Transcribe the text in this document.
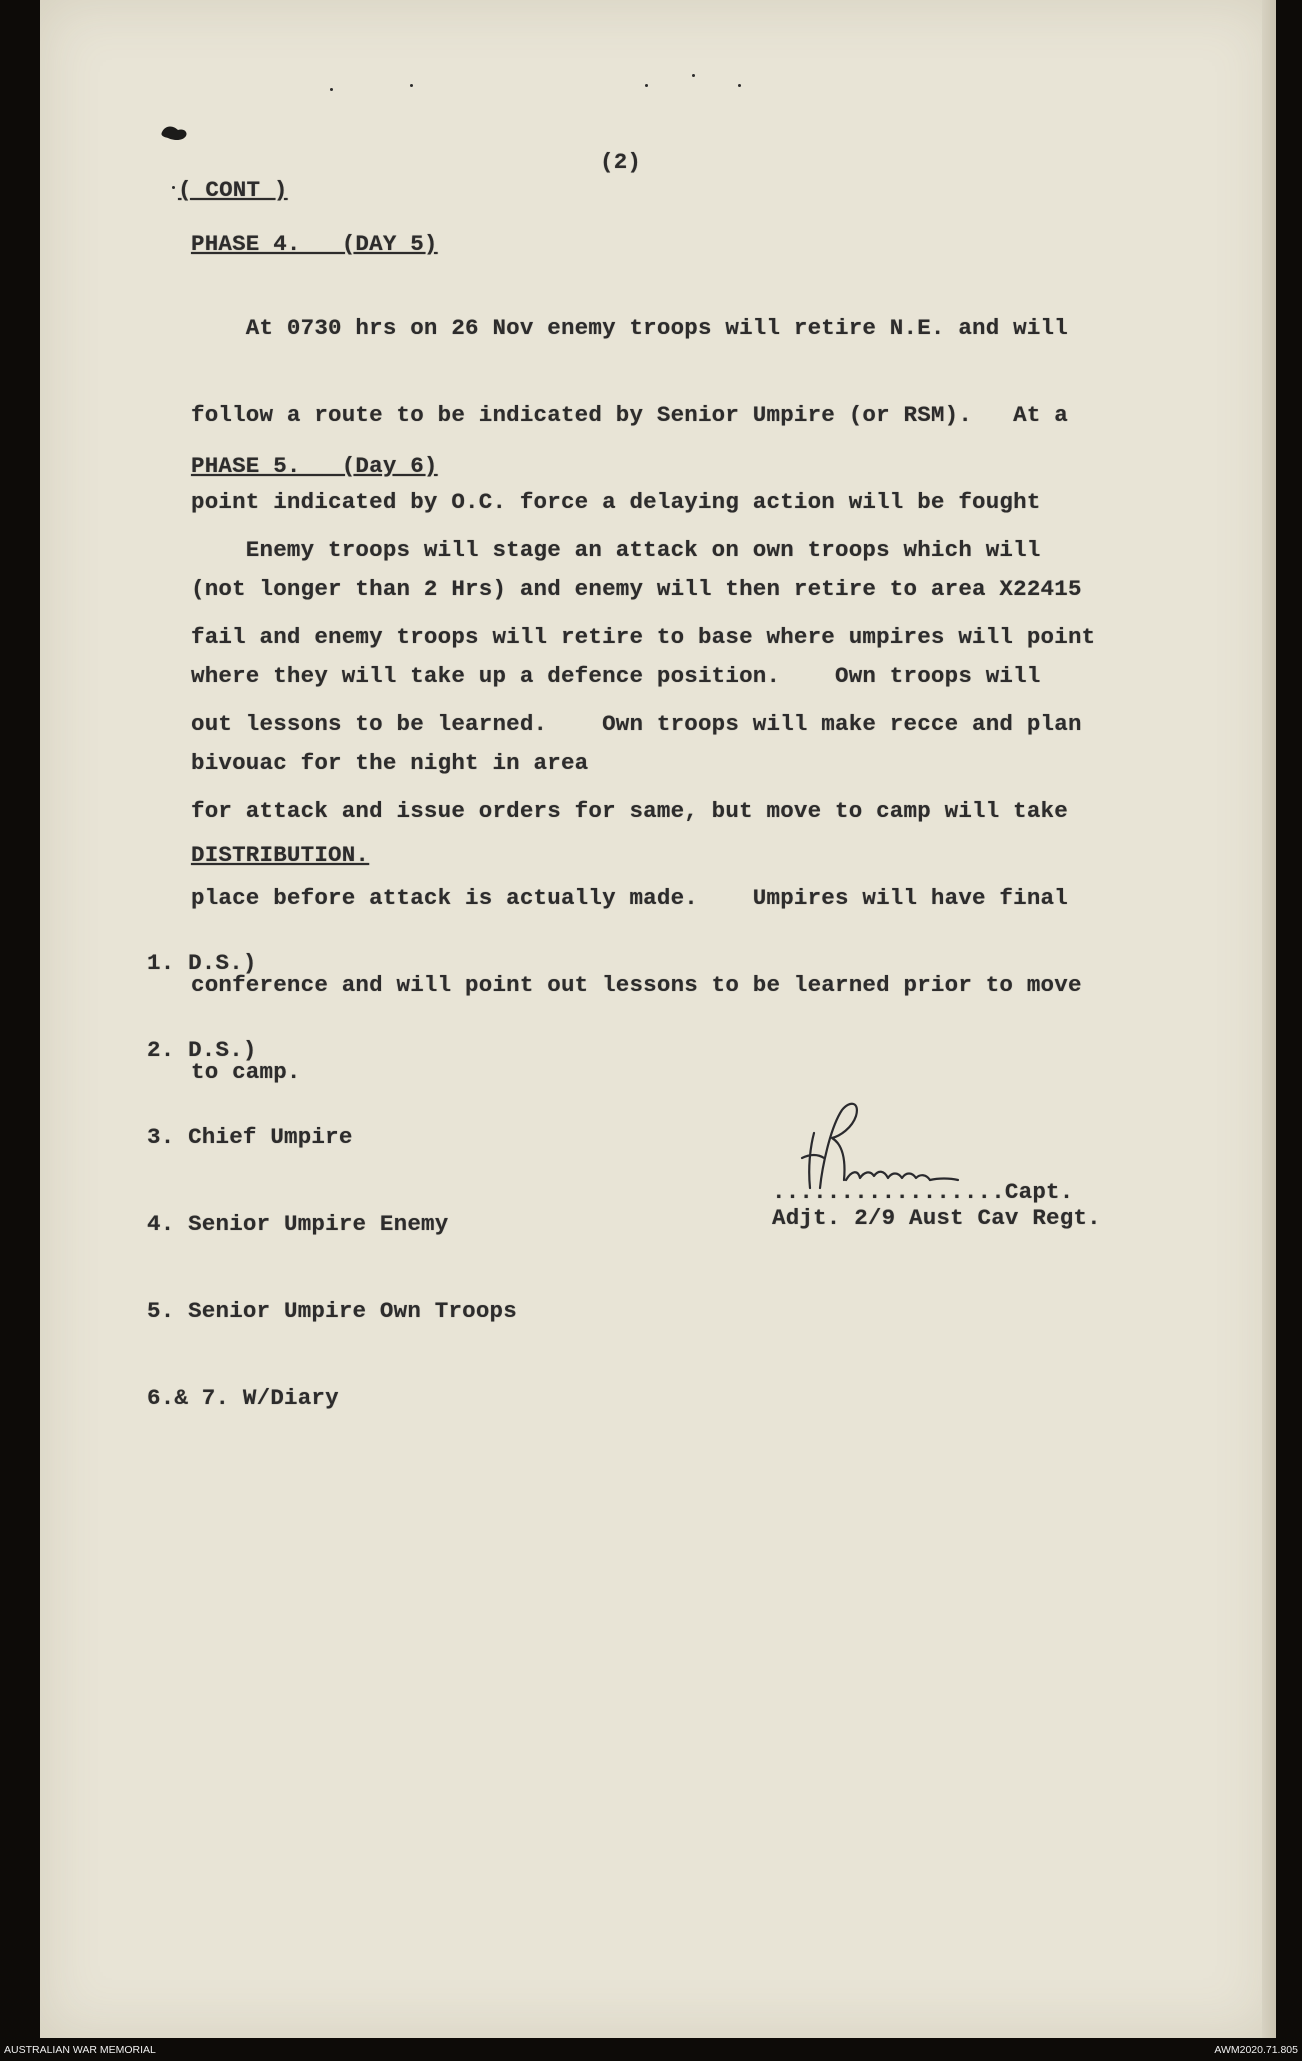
(2)
( CONT )
PHASE 4.   (DAY 5)

At 0730 hrs on 26 Nov enemy troops will retire N.E. and will

follow a route to be indicated by Senior Umpire (or RSM).   At a

point indicated by O.C. force a delaying action will be fought

(not longer than 2 Hrs) and enemy will then retire to area X22415

where they will take up a defence position.    Own troops will

bivouac for the night in area

PHASE 5.   (Day 6)

Enemy troops will stage an attack on own troops which will

fail and enemy troops will retire to base where umpires will point

out lessons to be learned.    Own troops will make recce and plan

for attack and issue orders for same, but move to camp will take

place before attack is actually made.    Umpires will have final

conference and will point out lessons to be learned prior to move

to camp.

DISTRIBUTION.

1. D.S.)

2. D.S.)

3. Chief Umpire

4. Senior Umpire Enemy

5. Senior Umpire Own Troops

6.& 7. W/Diary

.................Capt.
Adjt. 2/9 Aust Cav Regt.
AUSTRALIAN WAR MEMORIAL	AWM2020.71.805
